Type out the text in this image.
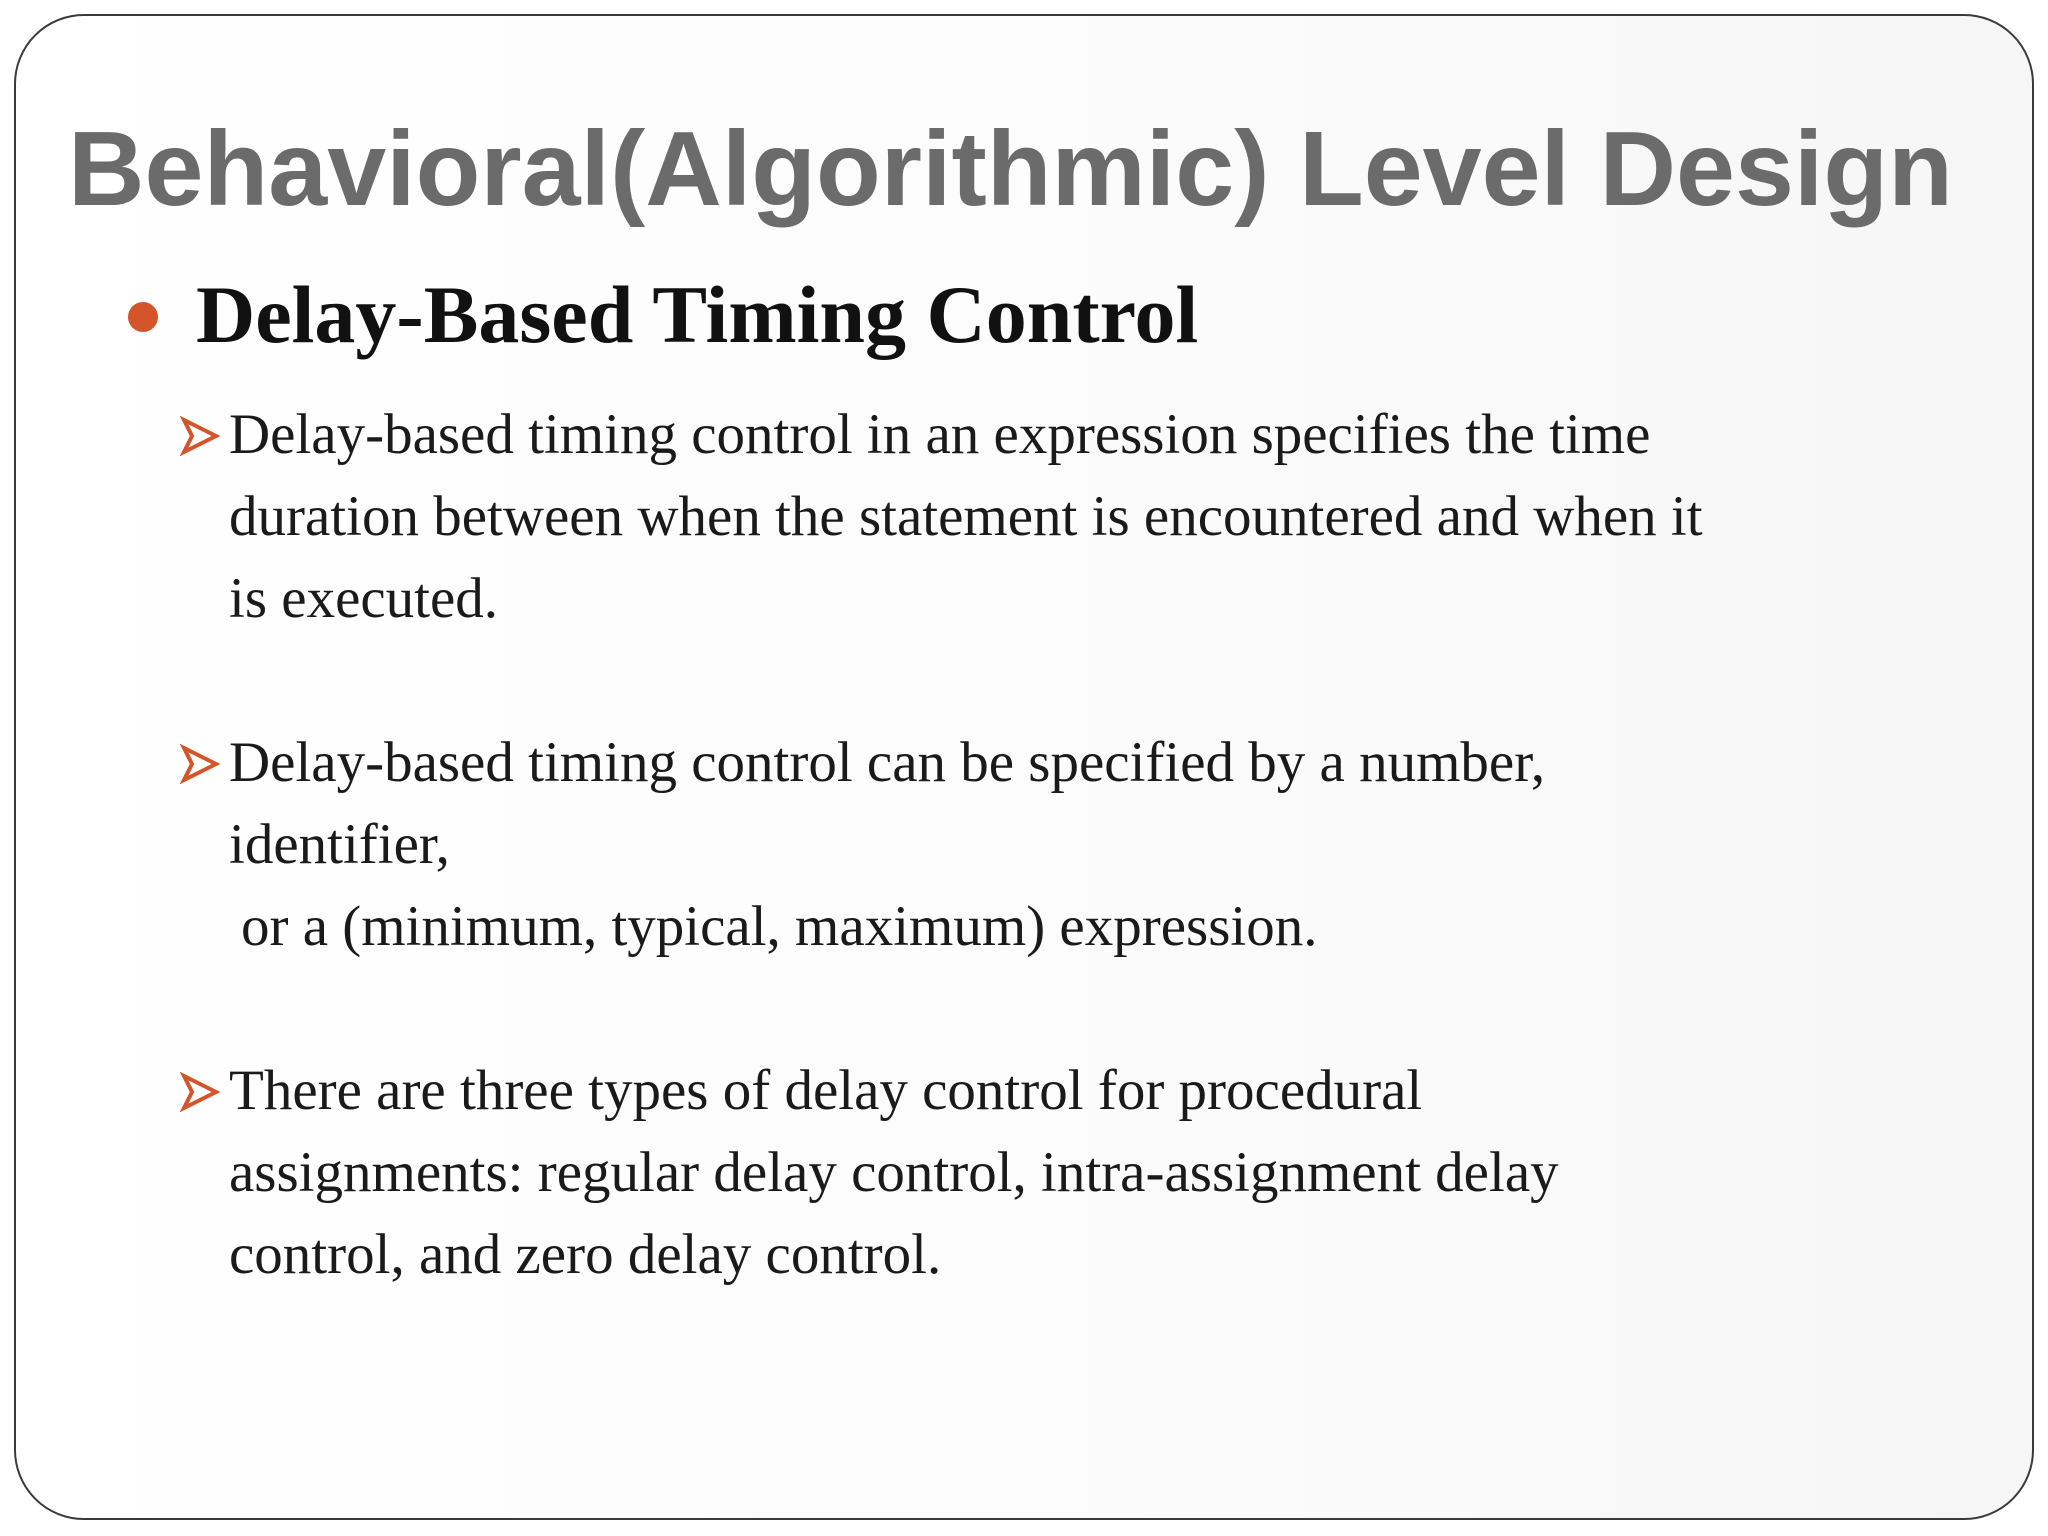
Behavioral(Algorithmic) Level Design
Delay-Based Timing Control
Delay-based timing control in an expression specifies the time
duration between when the statement is encountered and when it
is executed.
Delay-based timing control can be specified by a number,
identifier,
or a (minimum, typical, maximum) expression.
There are three types of delay control for procedural
assignments: regular delay control, intra-assignment delay
control, and zero delay control.
